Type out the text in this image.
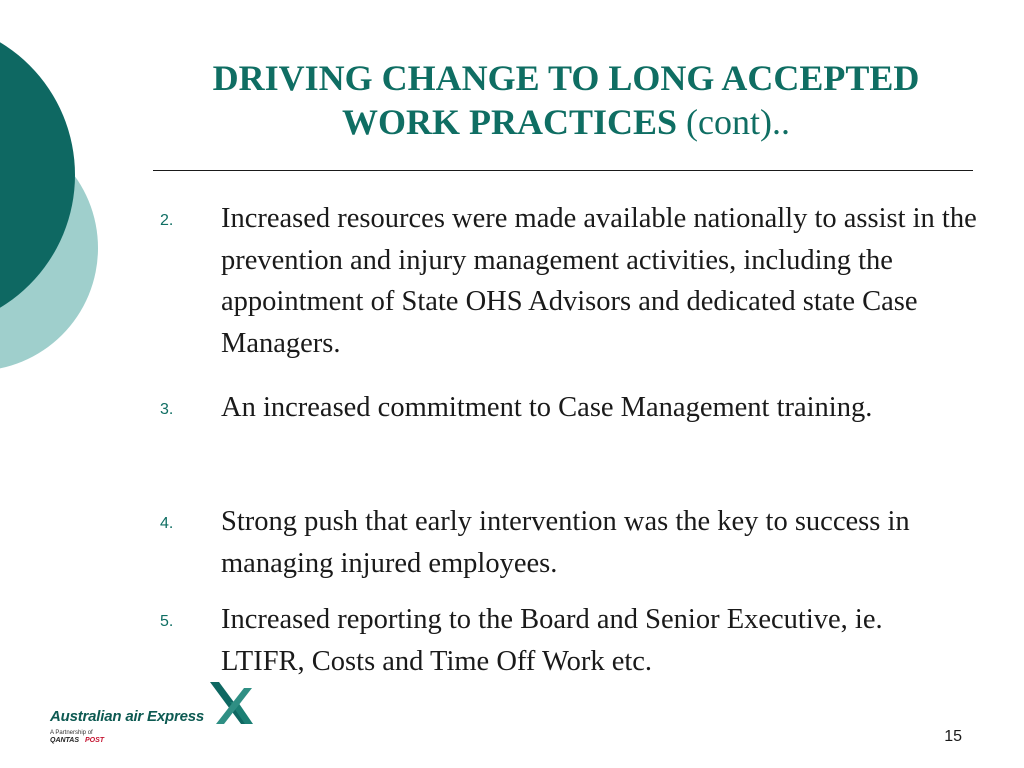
DRIVING CHANGE TO LONG ACCEPTED WORK PRACTICES (cont)..
2.	Increased resources were made available nationally to assist in the prevention and injury management activities, including the appointment of State OHS Advisors and dedicated state Case Managers.
3.	An increased commitment to Case Management training.
4.	Strong push that early intervention was the key to success in managing injured employees.
5.	Increased reporting to the Board and Senior Executive, ie. LTIFR, Costs and Time Off Work etc.
Australian air Express
A Partnership of
QANTAS POST	15
